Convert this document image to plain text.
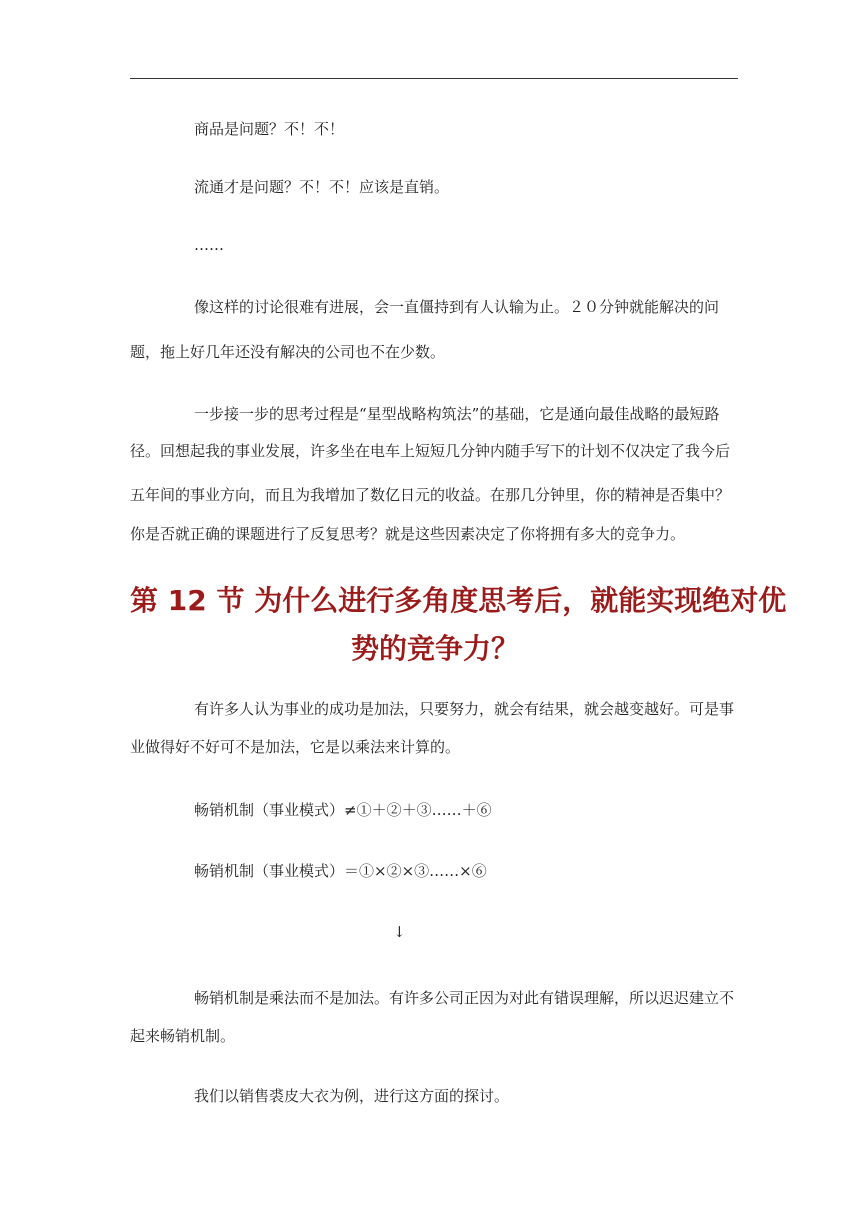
商品是问题？不！不！
流通才是问题？不！不！应该是直销。
……
像这样的讨论很难有进展，会一直僵持到有人认输为止。２０分钟就能解决的问
题，拖上好几年还没有解决的公司也不在少数。
一步接一步的思考过程是“星型战略构筑法”的基础，它是通向最佳战略的最短路
径。回想起我的事业发展，许多坐在电车上短短几分钟内随手写下的计划不仅决定了我今后
五年间的事业方向，而且为我增加了数亿日元的收益。在那几分钟里，你的精神是否集中？
你是否就正确的课题进行了反复思考？就是这些因素决定了你将拥有多大的竞争力。
第 12 节 为什么进行多角度思考后，就能实现绝对优
势的竞争力？
有许多人认为事业的成功是加法，只要努力，就会有结果，就会越变越好。可是事
业做得好不好可不是加法，它是以乘法来计算的。
畅销机制（事业模式）≠①＋②＋③……＋⑥
畅销机制（事业模式）＝①×②×③……×⑥
↓
畅销机制是乘法而不是加法。有许多公司正因为对此有错误理解，所以迟迟建立不
起来畅销机制。
我们以销售裘皮大衣为例，进行这方面的探讨。
